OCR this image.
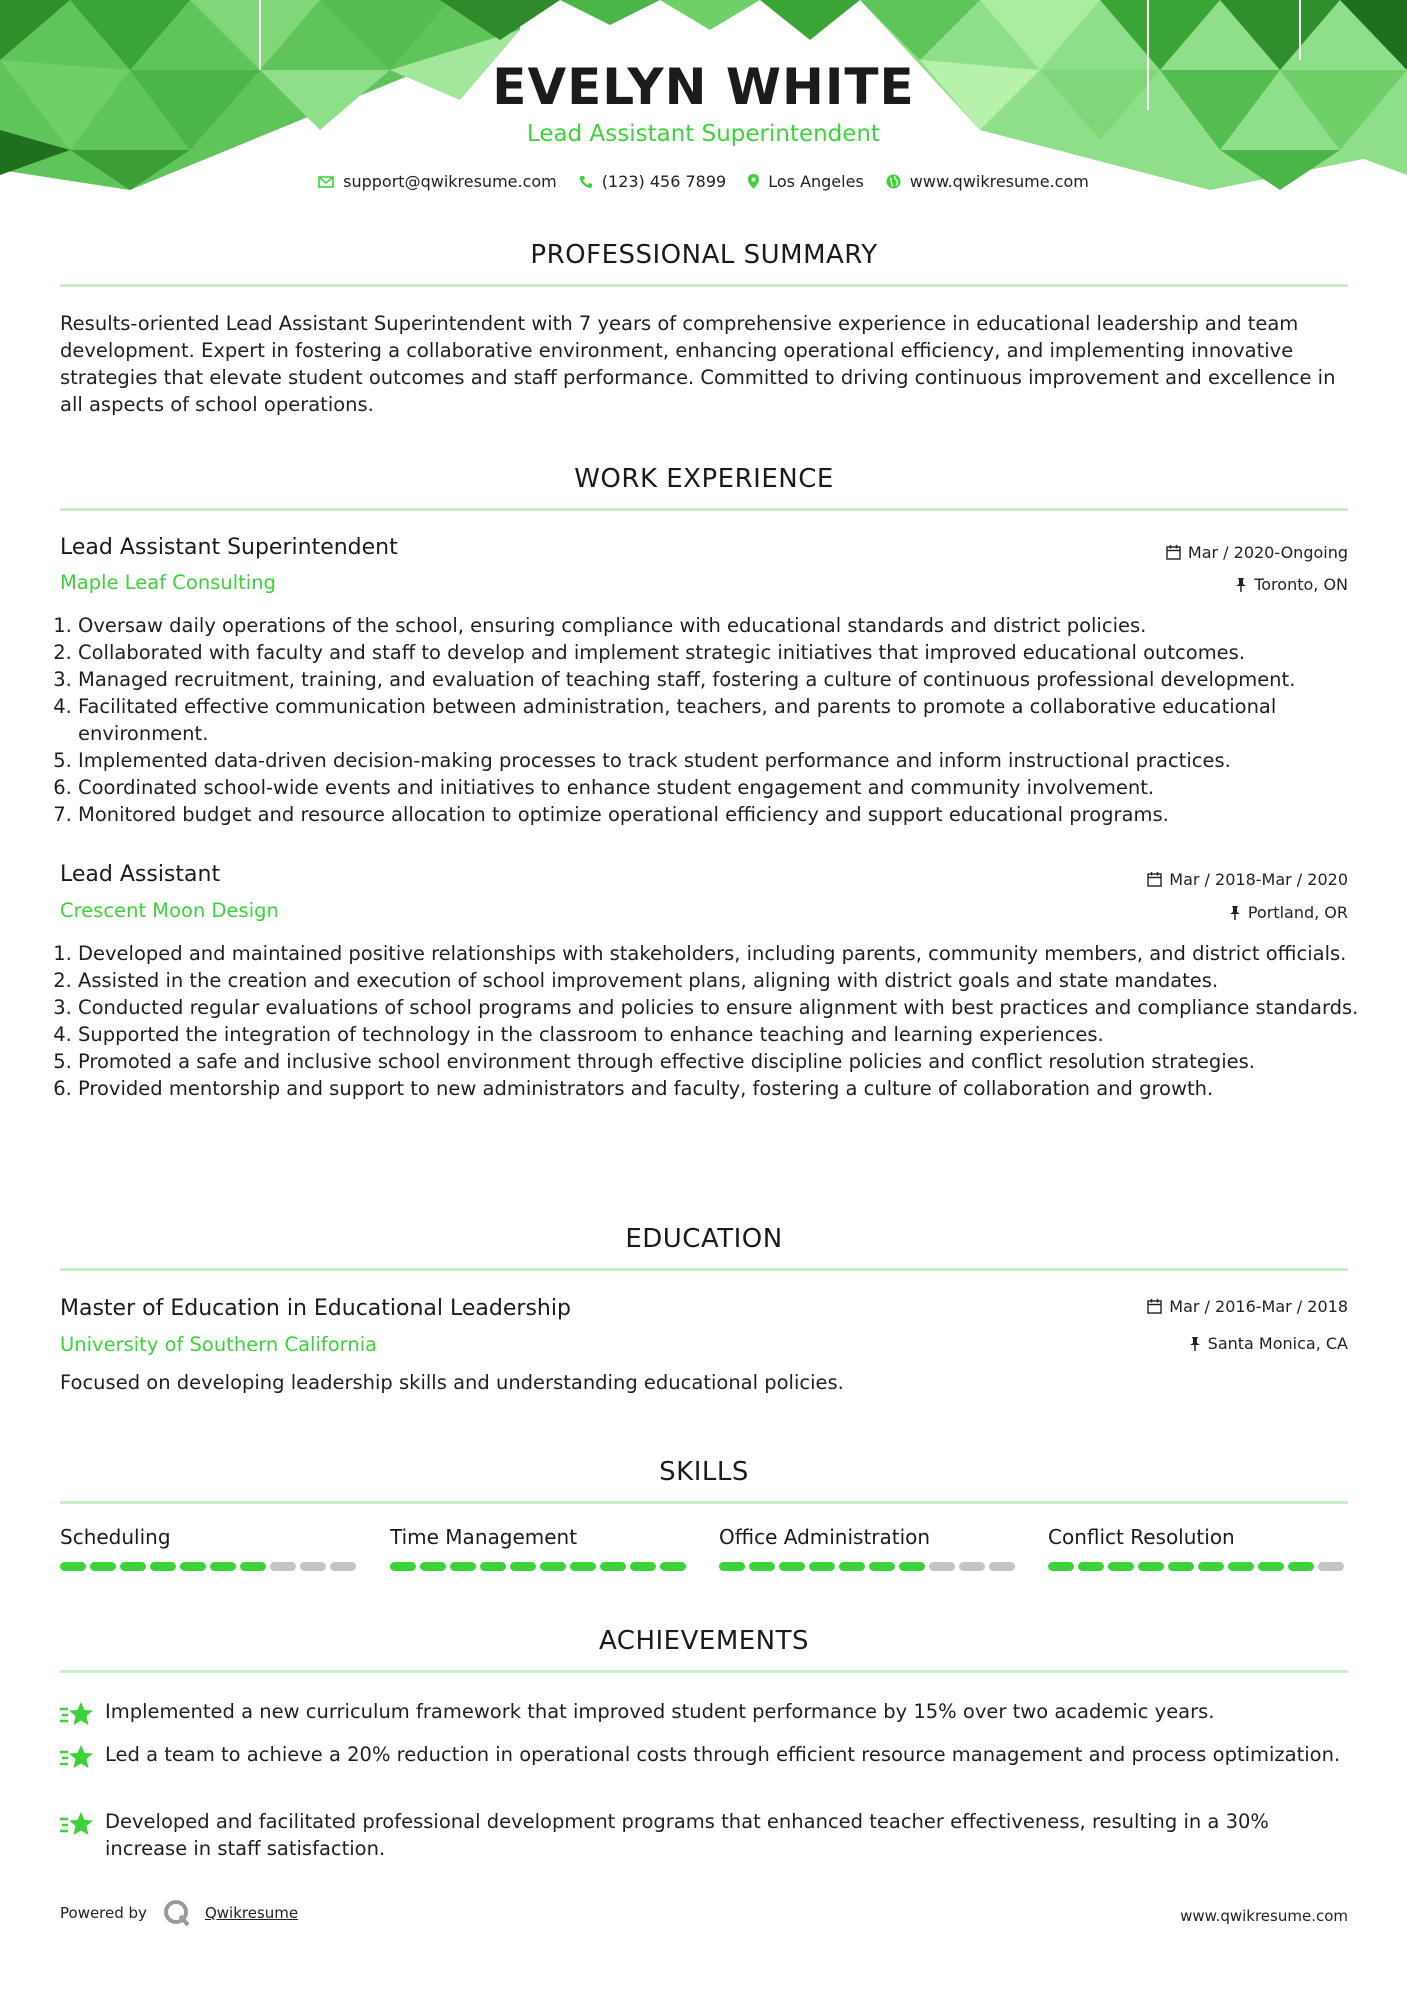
EVELYN WHITE
Lead Assistant Superintendent
support@qwikresume.com	(123) 456 7899	Los Angeles	www.qwikresume.com
PROFESSIONAL SUMMARY
Results-oriented Lead Assistant Superintendent with 7 years of comprehensive experience in educational leadership and team development. Expert in fostering a collaborative environment, enhancing operational efficiency, and implementing innovative strategies that elevate student outcomes and staff performance. Committed to driving continuous improvement and excellence in all aspects of school operations.
WORK EXPERIENCE
Lead Assistant Superintendent	Mar / 2020-Ongoing
Maple Leaf Consulting	Toronto, ON
1. Oversaw daily operations of the school, ensuring compliance with educational standards and district policies.
2. Collaborated with faculty and staff to develop and implement strategic initiatives that improved educational outcomes.
3. Managed recruitment, training, and evaluation of teaching staff, fostering a culture of continuous professional development.
4. Facilitated effective communication between administration, teachers, and parents to promote a collaborative educational environment.
5. Implemented data-driven decision-making processes to track student performance and inform instructional practices.
6. Coordinated school-wide events and initiatives to enhance student engagement and community involvement.
7. Monitored budget and resource allocation to optimize operational efficiency and support educational programs.
Lead Assistant	Mar / 2018-Mar / 2020
Crescent Moon Design	Portland, OR
1. Developed and maintained positive relationships with stakeholders, including parents, community members, and district officials.
2. Assisted in the creation and execution of school improvement plans, aligning with district goals and state mandates.
3. Conducted regular evaluations of school programs and policies to ensure alignment with best practices and compliance standards.
4. Supported the integration of technology in the classroom to enhance teaching and learning experiences.
5. Promoted a safe and inclusive school environment through effective discipline policies and conflict resolution strategies.
6. Provided mentorship and support to new administrators and faculty, fostering a culture of collaboration and growth.
EDUCATION
Master of Education in Educational Leadership	Mar / 2016-Mar / 2018
University of Southern California	Santa Monica, CA
Focused on developing leadership skills and understanding educational policies.
SKILLS
Scheduling	Time Management	Office Administration	Conflict Resolution
ACHIEVEMENTS
Implemented a new curriculum framework that improved student performance by 15% over two academic years.
Led a team to achieve a 20% reduction in operational costs through efficient resource management and process optimization.
Developed and facilitated professional development programs that enhanced teacher effectiveness, resulting in a 30% increase in staff satisfaction.
Powered by	Qwikresume	www.qwikresume.com
